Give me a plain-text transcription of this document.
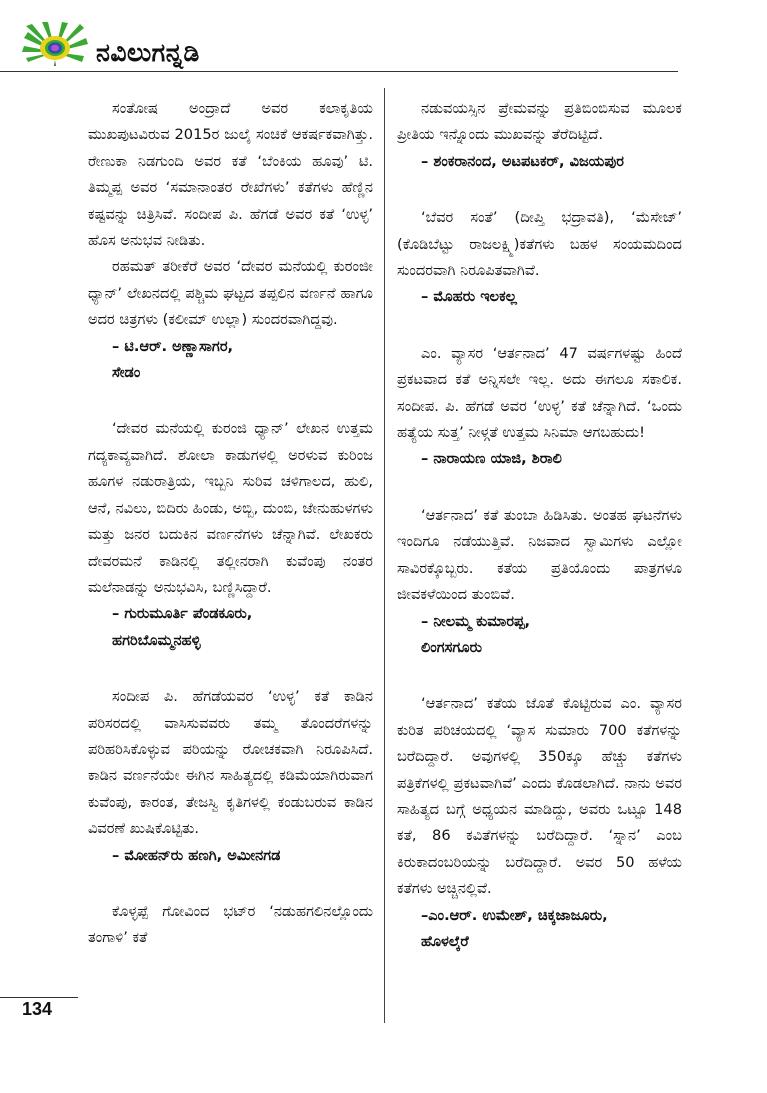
ನವಿಲುಗನ್ನಡಿ

ಸಂತೋಷ ಅಂದ್ರಾದೆ ಅವರ ಕಲಾಕೃತಿಯ ಮುಖಪುಟವಿರುವ 2015ರ ಜುಲೈ ಸಂಚಿಕೆ ಆಕರ್ಷಕವಾಗಿತ್ತು. ರೇಣುಕಾ ನಿಡಗುಂದಿ ಅವರ ಕತೆ ‘ಬೆಂಕಿಯ ಹೂವು’ ಟಿ. ತಿಮ್ಮಪ್ಪ ಅವರ ‘ಸಮಾನಾಂತರ ರೇಖೆಗಳು’ ಕತೆಗಳು ಹೆಣ್ಣಿನ ಕಷ್ಟವನ್ನು ಚಿತ್ರಿಸಿವೆ. ಸಂದೀಪ ಪಿ. ಹೆಗಡೆ ಅವರ ಕತೆ ‘ಉಳ್ಳ’ ಹೊಸ ಅನುಭವ ನೀಡಿತು.

ರಹಮತ್ ತರೀಕೆರೆ ಅವರ ‘ದೇವರ ಮನೆಯಲ್ಲಿ ಕುರಂಜೀ ಧ್ಯಾನ್’ ಲೇಖನದಲ್ಲಿ ಪಶ್ಚಿಮ ಘಟ್ಟದ ತಪ್ಪಲಿನ ವರ್ಣನೆ ಹಾಗೂ ಅದರ ಚಿತ್ರಗಳು (ಕಲೀಮ್ ಉಲ್ಲಾ) ಸುಂದರವಾಗಿದ್ದವು.

– ಟಿ.ಆರ್. ಅಣ್ಣಾಸಾಗರ,

ಸೇಡಂ

‘ದೇವರ ಮನೆಯಲ್ಲಿ ಕುರಂಜಿ ಧ್ಯಾನ್’ ಲೇಖನ ಉತ್ತಮ ಗದ್ಯಕಾವ್ಯವಾಗಿದೆ. ಶೋಲಾ ಕಾಡುಗಳಲ್ಲಿ ಅರಳುವ ಕುರಿಂಜ ಹೂಗಳ ನಡುರಾತ್ರಿಯ, ಇಬ್ಬನಿ ಸುರಿವ ಚಳಿಗಾಲದ, ಹುಲಿ, ಆನೆ, ನವಿಲು, ಬಿದಿರು ಹಿಂಡು, ಅಬ್ಬಿ, ದುಂಬಿ, ಜೇನುಹುಳಗಳು ಮತ್ತು ಜನರ ಬದುಕಿನ ವರ್ಣನೆಗಳು ಚೆನ್ನಾಗಿವೆ. ಲೇಖಕರು ದೇವರಮನೆ ಕಾಡಿನಲ್ಲಿ ತಲ್ಲೀನರಾಗಿ ಕುವೆಂಪು ನಂತರ ಮಲೆನಾಡನ್ನು ಅನುಭವಿಸಿ, ಬಣ್ಣಿಸಿದ್ದಾರೆ.

– ಗುರುಮೂರ್ತಿ ಪೆಂಡಕೂರು,

ಹಗರಿಬೊಮ್ಮನಹಳ್ಳಿ

ಸಂದೀಪ ಪಿ. ಹೆಗಡೆಯವರ ‘ಉಳ್ಳ’ ಕತೆ ಕಾಡಿನ ಪರಿಸರದಲ್ಲಿ ವಾಸಿಸುವವರು ತಮ್ಮ ತೊಂದರೆಗಳನ್ನು ಪರಿಹರಿಸಿಕೊಳ್ಳುವ ಪರಿಯನ್ನು ರೋಚಕವಾಗಿ ನಿರೂಪಿಸಿದೆ. ಕಾಡಿನ ವರ್ಣನೆಯೇ ಈಗಿನ ಸಾಹಿತ್ಯದಲ್ಲಿ ಕಡಿಮೆಯಾಗಿರುವಾಗ ಕುವೆಂಪು, ಕಾರಂತ, ತೇಜಸ್ವಿ ಕೃತಿಗಳಲ್ಲಿ ಕಂಡುಬರುವ ಕಾಡಿನ ವಿವರಣೆ ಖುಷಿಕೊಟ್ಟಿತು.

– ಮೋಹನ್‌ರು ಹಣಗಿ, ಅಮೀನಗಡ

ಕೊಳ್ಳಪ್ಪೆ ಗೋವಿಂದ ಭಟ್‌ರ ‘ನಡುಹಗಲಿನಲ್ಲೊಂದು ತಂಗಾಳಿ’ ಕತೆ

ನಡುವಯಸ್ಸಿನ ಪ್ರೇಮವನ್ನು ಪ್ರತಿಬಿಂಬಿಸುವ ಮೂಲಕ ಪ್ರೀತಿಯ ಇನ್ನೊಂದು ಮುಖವನ್ನು ತೆರೆದಿಟ್ಟಿದೆ.

– ಶಂಕರಾನಂದ, ಅಟಪಟಕರ್, ವಿಜಯಪುರ

‘ಬೆವರ ಸಂತೆ’ (ದೀಪ್ತಿ ಭದ್ರಾವತಿ), ‘ಮೆಸೇಜ್’ (ಕೊಡಿಬೆಟ್ಟು ರಾಜಲಕ್ಷ್ಮಿ)ಕತೆಗಳು ಬಹಳ ಸಂಯಮದಿಂದ ಸುಂದರವಾಗಿ ನಿರೂಪಿತವಾಗಿವೆ.

– ಮೊಹರು ಇಲಕಲ್ಲ

ಎಂ. ವ್ಯಾಸರ ‘ಆರ್ತನಾದ’ 47 ವರ್ಷಗಳಷ್ಟು ಹಿಂದೆ ಪ್ರಕಟವಾದ ಕತೆ ಅನ್ನಿಸಲೇ ಇಲ್ಲ. ಅದು ಈಗಲೂ ಸಕಾಲಿಕ. ಸಂದೀಪ. ಪಿ. ಹೆಗಡೆ ಅವರ ‘ಉಳ್ಳ’ ಕತೆ ಚೆನ್ನಾಗಿದೆ. ‘ಒಂದು ಹತ್ಯೆಯ ಸುತ್ತ’ ನೀಳ್ಗತೆ ಉತ್ತಮ ಸಿನಿಮಾ ಆಗಬಹುದು!

– ನಾರಾಯಣ ಯಾಜಿ, ಶಿರಾಲಿ

‘ಆರ್ತನಾದ’ ಕತೆ ತುಂಬಾ ಹಿಡಿಸಿತು. ಅಂತಹ ಘಟನೆಗಳು ಇಂದಿಗೂ ನಡೆಯುತ್ತಿವೆ. ನಿಜವಾದ ಸ್ವಾಮಿಗಳು ಎಲ್ಲೋ ಸಾವಿರಕ್ಕೊಬ್ಬರು. ಕತೆಯ ಪ್ರತಿಯೊಂದು ಪಾತ್ರಗಳೂ ಜೀವಕಳೆಯಿಂದ ತುಂಬಿವೆ.

– ನೀಲಮ್ಮ ಕುಮಾರಪ್ಪ,

ಲಿಂಗಸಗೂರು

‘ಆರ್ತನಾದ’ ಕತೆಯ ಜೊತೆ ಕೊಟ್ಟಿರುವ ಎಂ. ವ್ಯಾಸರ ಕುರಿತ ಪರಿಚಯದಲ್ಲಿ ‘ವ್ಯಾಸ ಸುಮಾರು 700 ಕತೆಗಳನ್ನು ಬರೆದಿದ್ದಾರೆ. ಅವುಗಳಲ್ಲಿ 350ಕ್ಕೂ ಹೆಚ್ಚು ಕತೆಗಳು ಪತ್ರಿಕೆಗಳಲ್ಲಿ ಪ್ರಕಟವಾಗಿವೆ’ ಎಂದು ಕೊಡಲಾಗಿದೆ. ನಾನು ಅವರ ಸಾಹಿತ್ಯದ ಬಗ್ಗೆ ಅಧ್ಯಯನ ಮಾಡಿದ್ದು, ಅವರು ಒಟ್ಟೂ 148 ಕತೆ, 86 ಕವಿತೆಗಳನ್ನು ಬರೆದಿದ್ದಾರೆ. ‘ಸ್ನಾನ’ ಎಂಬ ಕಿರುಕಾದಂಬರಿಯನ್ನು ಬರೆದಿದ್ದಾರೆ. ಅವರ 50 ಹಳೆಯ ಕತೆಗಳು ಅಚ್ಚಿನಲ್ಲಿವೆ.

–ಎಂ.ಆರ್. ಉಮೇಶ್, ಚಿಕ್ಕಜಾಜೂರು,

ಹೊಳಲ್ಕೆರೆ

134
